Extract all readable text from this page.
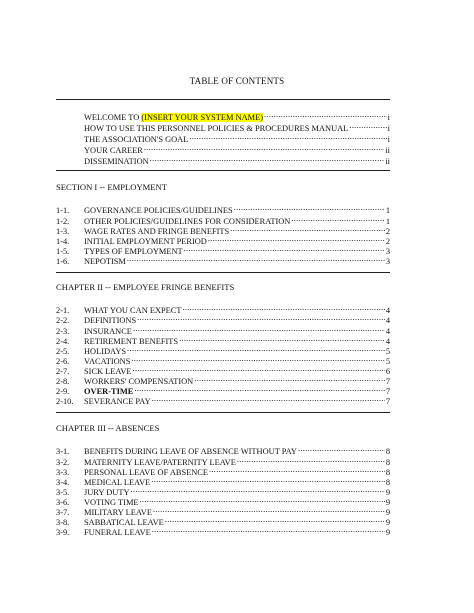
TABLE OF CONTENTS
WELCOME TO (INSERT YOUR SYSTEM NAME) .....	i
HOW TO USE THIS PERSONNEL POLICIES & PROCEDURES MANUAL .....	i
THE ASSOCIATION'S GOAL .....	i
YOUR CAREER .....	ii
DISSEMINATION .....	ii
SECTION I -- EMPLOYMENT
1-1.	GOVERNANCE POLICIES/GUIDELINES .....	1
1-2.	OTHER POLICIES/GUIDELINES FOR CONSIDERATION .....	1
1-3.	WAGE RATES AND FRINGE BENEFITS .....	2
1-4.	INITIAL EMPLOYMENT PERIOD .....	2
1-5.	TYPES OF EMPLOYMENT .....	3
1-6.	NEPOTISM .....	3
CHAPTER II -- EMPLOYEE FRINGE BENEFITS
2-1.	WHAT YOU CAN EXPECT .....	4
2-2.	DEFINITIONS .....	4
2-3.	INSURANCE .....	4
2-4.	RETIREMENT BENEFITS .....	4
2-5.	HOLIDAYS .....	5
2-6.	VACATIONS .....	5
2-7.	SICK LEAVE .....	6
2-8.	WORKERS' COMPENSATION .....	7
2-9.	OVER-TIME .....	7
2-10.	SEVERANCE PAY .....	7
CHAPTER III -- ABSENCES
3-1.	BENEFITS DURING LEAVE OF ABSENCE WITHOUT PAY .....	8
3-2.	MATERNITY LEAVE/PATERNITY LEAVE .....	8
3-3.	PERSONAL LEAVE OF ABSENCE .....	8
3-4.	MEDICAL LEAVE .....	8
3-5.	JURY DUTY .....	9
3-6.	VOTING TIME .....	9
3-7.	MILITARY LEAVE .....	9
3-8.	SABBATICAL LEAVE .....	9
3-9.	FUNERAL LEAVE .....	9
